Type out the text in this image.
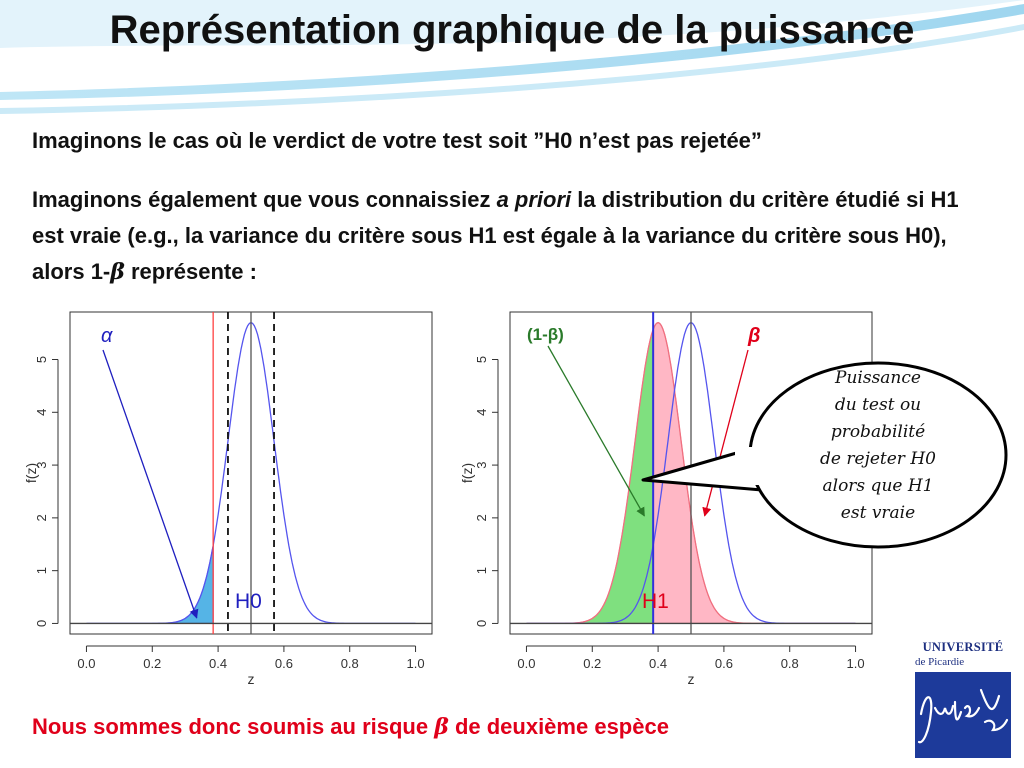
Représentation graphique de la puissance

Imaginons le cas où le verdict de votre test soit ”H0 n’est pas rejetée”

Imaginons également que vous connaissiez a priori la distribution du critère étudié si H1 est vraie (e.g., la variance du critère sous H1 est égale à la variance du critère sous H0), alors 1-β représente :

0.0	0.2	0.4	0.6	0.8	1.0
0
1
2
3
4
5
z
f(z)
α
H0
0.0	0.2	0.4	0.6	0.8	1.0
0
1
2
3
4
5
z
f(z)
(1-β)	β
H1
Puissance
du test ou
probabilité
de rejeter H0
alors que H1
est vraie

Nous sommes donc soumis au risque β de deuxième espèce

UNIVERSITÉ
de Picardie
